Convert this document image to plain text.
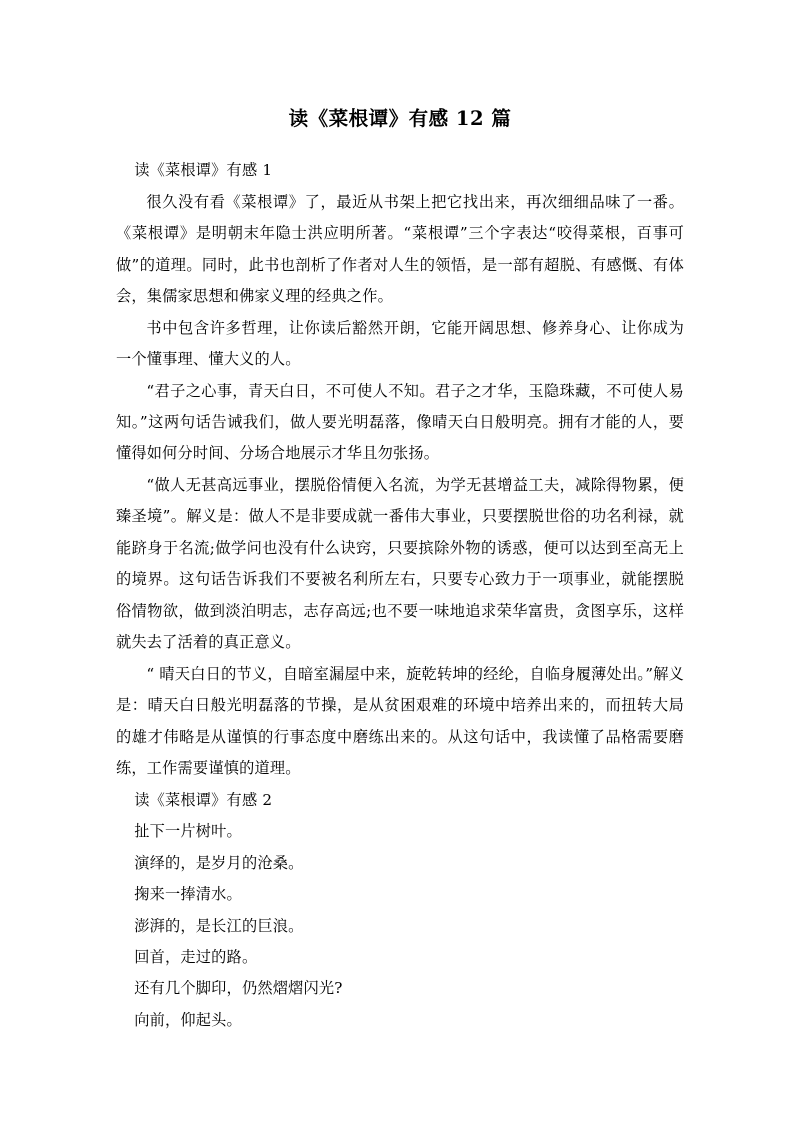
读《菜根谭》有感 12 篇

读《菜根谭》有感 1

很久没有看《菜根谭》了，最近从书架上把它找出来，再次细细品味了一番。《菜根谭》是明朝末年隐士洪应明所著。“菜根谭”三个字表达“咬得菜根，百事可做”的道理。同时，此书也剖析了作者对人生的领悟，是一部有超脱、有感慨、有体会，集儒家思想和佛家义理的经典之作。

书中包含许多哲理，让你读后豁然开朗，它能开阔思想、修养身心、让你成为一个懂事理、懂大义的人。

“君子之心事，青天白日，不可使人不知。君子之才华，玉隐珠藏，不可使人易知。”这两句话告诫我们，做人要光明磊落，像晴天白日般明亮。拥有才能的人，要懂得如何分时间、分场合地展示才华且勿张扬。

“做人无甚高远事业，摆脱俗情便入名流，为学无甚增益工夫，减除得物累，便臻圣境”。解义是：做人不是非要成就一番伟大事业，只要摆脱世俗的功名利禄，就能跻身于名流;做学问也没有什么诀窍，只要摈除外物的诱惑，便可以达到至高无上的境界。这句话告诉我们不要被名利所左右，只要专心致力于一项事业，就能摆脱俗情物欲，做到淡泊明志，志存高远;也不要一味地追求荣华富贵，贪图享乐，这样就失去了活着的真正意义。

“ 晴天白日的节义，自暗室漏屋中来，旋乾转坤的经纶，自临身履薄处出。”解义是：晴天白日般光明磊落的节操，是从贫困艰难的环境中培养出来的，而扭转大局的雄才伟略是从谨慎的行事态度中磨练出来的。从这句话中，我读懂了品格需要磨练，工作需要谨慎的道理。

读《菜根谭》有感 2

扯下一片树叶。

演绎的，是岁月的沧桑。

掬来一捧清水。

澎湃的，是长江的巨浪。

回首，走过的路。

还有几个脚印，仍然熠熠闪光?

向前，仰起头。
